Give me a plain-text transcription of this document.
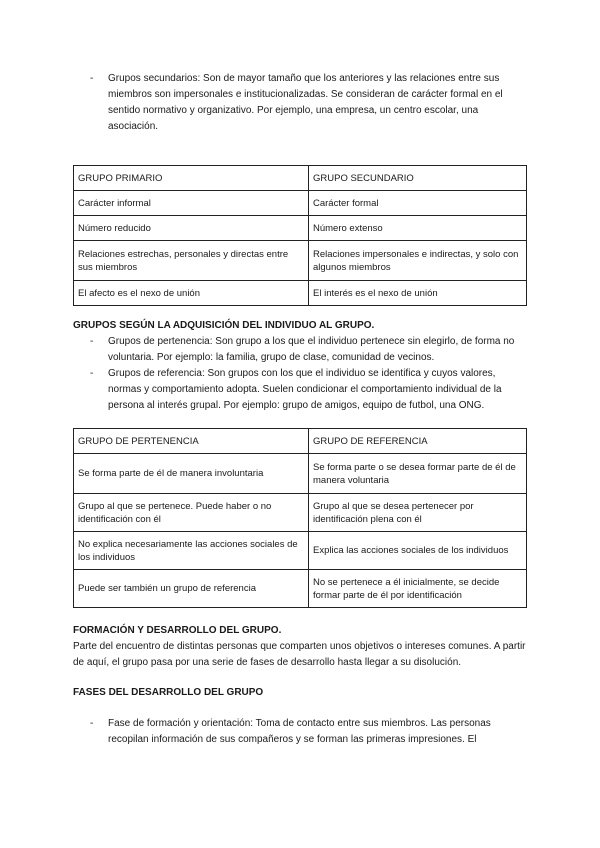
- Grupos secundarios: Son de mayor tamaño que los anteriores y las relaciones entre sus miembros son impersonales e institucionalizadas. Se consideran de carácter formal en el sentido normativo y organizativo. Por ejemplo, una empresa, un centro escolar, una asociación.
GRUPO PRIMARIO	GRUPO SECUNDARIO
Carácter informal	Carácter formal
Número reducido	Número extenso
Relaciones estrechas, personales y directas entre sus miembros	Relaciones impersonales e indirectas, y solo con algunos miembros
El afecto es el nexo de unión	El interés es el nexo de unión
GRUPOS SEGÚN LA ADQUISICIÓN DEL INDIVIDUO AL GRUPO.
- Grupos de pertenencia: Son grupo a los que el individuo pertenece sin elegirlo, de forma no voluntaria. Por ejemplo: la familia, grupo de clase, comunidad de vecinos.
- Grupos de referencia: Son grupos con los que el individuo se identifica y cuyos valores, normas y comportamiento adopta. Suelen condicionar el comportamiento individual de la persona al interés grupal. Por ejemplo: grupo de amigos, equipo de futbol, una ONG.
GRUPO DE PERTENENCIA	GRUPO DE REFERENCIA
Se forma parte de él de manera involuntaria	Se forma parte o se desea formar parte de él de manera voluntaria
Grupo al que se pertenece. Puede haber o no identificación con él	Grupo al que se desea pertenecer por identificación plena con él
No explica necesariamente las acciones sociales de los individuos	Explica las acciones sociales de los individuos
Puede ser también un grupo de referencia	No se pertenece a él inicialmente, se decide formar parte de él por identificación
FORMACIÓN Y DESARROLLO DEL GRUPO.
Parte del encuentro de distintas personas que comparten unos objetivos o intereses comunes. A partir de aquí, el grupo pasa por una serie de fases de desarrollo hasta llegar a su disolución.
FASES DEL DESARROLLO DEL GRUPO
- Fase de formación y orientación: Toma de contacto entre sus miembros. Las personas recopilan información de sus compañeros y se forman las primeras impresiones. El
